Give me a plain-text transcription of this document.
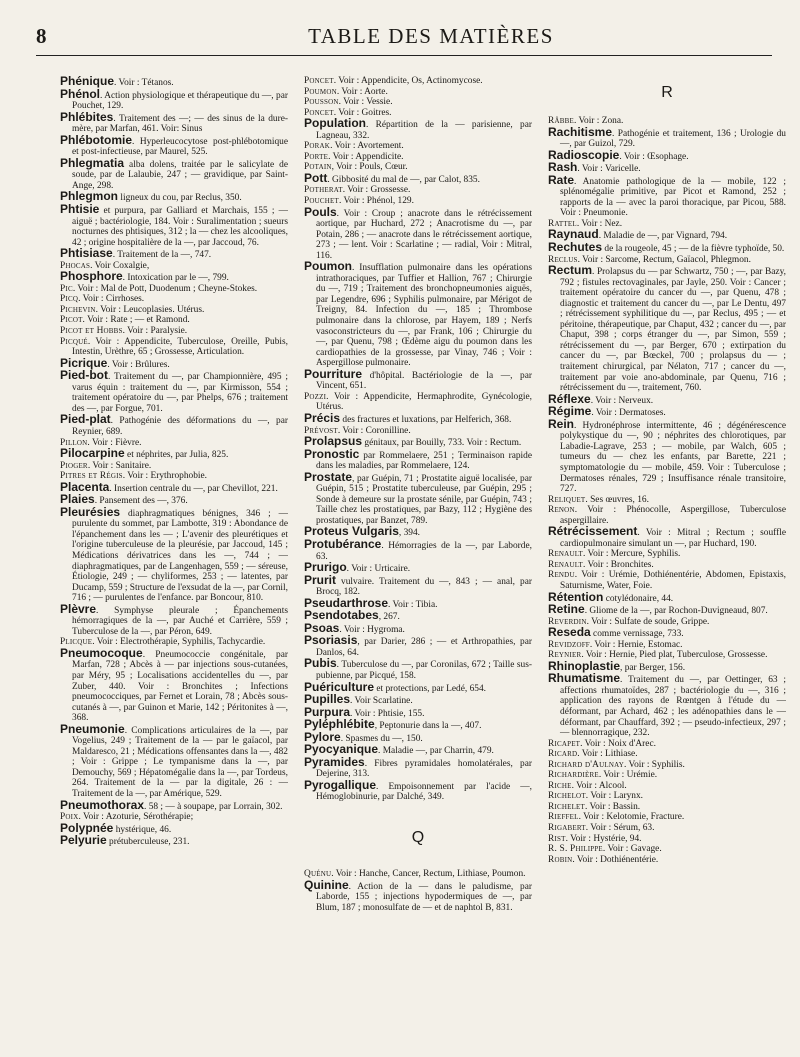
8	TABLE DES MATIÈRES
Phénique. Voir : Tétanos.
Phénol. Action physiologique et thérapeutique du —, par Pouchet, 129.
Phlébites. Traitement des —; — des sinus de la dure-mère, par Marfan, 461. Voir: Sinus
Phlébotomie. Hyperleucocytose post-phlébotomique et post-infectieuse, par Maurel, 525.
Phlegmatia alba dolens, traitée par le salicylate de soude, par de Lalaubie, 247 ; — gravidique, par Saint-Ange, 298.
Phlegmon ligneux du cou, par Reclus, 350.
Phtisie et purpura, par Galliard et Marchais, 155 ; — aiguë ; bactériologie, 184. Voir : Suralimentation ; sueurs nocturnes des phtisiques, 312 ; la — chez les alcooliques, 42 ; origine hospitalière de la —, par Jaccoud, 76.
Phtisiase. Traitement de la —, 747.
Phocas. Voir Coxalgie,
Phosphore. Intoxication par le —, 799.
Pic. Voir : Mal de Pott, Duodenum ; Cheyne-Stokes.
Picq. Voir : Cirrhoses.
Pichevin. Voir : Leucoplasies. Utérus.
Picot. Voir : Rate ; — et Ramond.
Picot et Hobbs. Voir : Paralysie.
Picqué. Voir : Appendicite, Tuberculose, Oreille, Pubis, Intestin, Urèthre, 65 ; Grossesse, Articulation.
Picrique. Voir : Brûlures.
Pied-bot. Traitement du —, par Championnière, 495 ; varus équin : traitement du —, par Kirmisson, 554 ; traitement opératoire du —, par Phelps, 676 ; traitement des —, par Forgue, 701.
Pied-plat. Pathogénie des déformations du —, par Reynier, 689.
Pillon. Voir : Fièvre.
Pilocarpine et néphrites, par Julia, 825.
Pioger. Voir : Sanitaire.
Pitres et Régis. Voir : Erythrophobie.
Placenta. Insertion centrale du —, par Chevillot, 221.
Plaies. Pansement des —, 376.
Pleurésies diaphragmatiques bénignes, 346 ; — purulente du sommet, par Lambotte, 319 : Abondance de l'épanchement dans les — ; L'avenir des pleurétiques et l'origine tuberculeuse de la pleurésie, par Jaccoud, 145 ; Médications dérivatrices dans les —, 744 ; — diaphragmatiques, par de Langenhagen, 559 ; — séreuse, Étiologie, 249 ; — chyliformes, 253 ; — latentes, par Ducamp, 559 ; Structure de l'exsudat de la —, par Cornil, 716 ; — purulentes de l'enfance. par Boncour, 810.
Plèvre. Symphyse pleurale ; Épanchements hémorragiques de la —, par Auché et Carrière, 559 ; Tuberculose de la —, par Péron, 649.
Plicque. Voir : Electrothérapie, Syphilis, Tachycardie.
Pneumocoque. Pneumococcie congénitale, par Marfan, 728 ; Abcès à — par injections sous-cutanées, par Méry, 95 ; Localisations accidentelles du —, par Zuber, 440. Voir : Bronchites ; Infections pneumococciques, par Fernet et Lorain, 78 ; Abcès sous-cutanés à —, par Guinon et Marie, 142 ; Péritonites à —, 368.
Pneumonie. Complications articulaires de la —, par Vogelius, 249 ; Traitement de la — par le gaïacol, par Maldaresco, 21 ; Médications offensantes dans la —, 482 ; Voir : Grippe ; Le tympanisme dans la —, par Demouchy, 569 ; Hépatomégalie dans la —, par Tordeus, 264. Traitement de la — par la digitale, 26 : — Traitement de la —, par Amérique, 529.
Pneumothorax. 58 ; — à soupape, par Lorrain, 302.
Poix. Voir : Azoturie, Sérothérapie;
Polypnée hystérique, 46.
Pelyurie prétuberculeuse, 231.
Poncet. Voir : Appendicite, Os, Actinomycose.
Poumon. Voir : Aorte.
Pousson. Voir : Vessie.
Poncet. Voir : Goitres.
Population. Répartition de la — parisienne, par Lagneau, 332.
Porak. Voir : Avortement.
Porte. Voir : Appendicite.
Potain, Voir : Pouls, Cœur.
Pott. Gibbosité du mal de —, par Calot, 835.
Potherat. Voir : Grossesse.
Pouchet. Voir : Phénol, 129.
Pouls. Voir : Croup ; anacrote dans le rétrécissement aortique, par Huchard, 272 ; Anacrotisme du —, par Potain, 286 ; — anacrote dans le rétrécissement aortique, 273 ; — lent. Voir : Scarlatine ; — radial, Voir : Mitral, 116.
Poumon. Insufflation pulmonaire dans les opérations intrathoraciques, par Tuffier et Hallion, 767 ; Chirurgie du —, 719 ; Traitement des bronchopneumonies aiguës, par Legendre, 696 ; Syphilis pulmonaire, par Mérigot de Treigny, 84. Infection du —, 185 ; Thrombose pulmonaire dans la chlorose, par Hayem, 189 ; Nerfs vasoconstricteurs du —, par Frank, 106 ; Chirurgie du —, par Quenu, 798 ; Œdème aigu du poumon dans les cardiopathies de la grossesse, par Vinay, 746 ; Voir : Aspergillose pulmonaire.
Pourriture d'hôpital. Bactériologie de la —, par Vincent, 651.
Pozzi. Voir : Appendicite, Hermaphrodite, Gynécologie, Utérus.
Précis des fractures et luxations, par Helferich, 368.
Prévost. Voir : Coronilline.
Prolapsus génitaux, par Bouilly, 733. Voir : Rectum.
Pronostic par Rommelaere, 251 ; Terminaison rapide dans les maladies, par Rommelaere, 124.
Prostate, par Guépin, 71 ; Prostatite aiguë localisée, par Guépin, 515 ; Prostatite tuberculeuse, par Guépin, 295 ; Sonde à demeure sur la prostate sénile, par Guépin, 743 ; Taille chez les prostatiques, par Bazy, 112 ; Hygiène des prostatiques, par Banzet, 789.
Proteus Vulgaris, 394.
Protubérance. Hémorragies de la —, par Laborde, 63.
Prurigo. Voir : Urticaire.
Prurit vulvaire. Traitement du —, 843 ; — anal, par Brocq, 182.
Pseudarthrose. Voir : Tibia.
Psendotabes, 267.
Psoas. Voir : Hygroma.
Psoriasis, par Darier, 286 ; — et Arthropathies, par Danlos, 64.
Pubis. Tuberculose du —, par Coronilas, 672 ; Taille sus-pubienne, par Picqué, 158.
Puériculture et protections, par Ledé, 654.
Pupilles. Voir Scarlatine.
Purpura. Voir : Phtisie, 155.
Pyléphlébite, Peptonurie dans la —, 407.
Pylore. Spasmes du —, 150.
Pyocyanique. Maladie —, par Charrin, 479.
Pyramides. Fibres pyramidales homolatérales, par Dejerine, 313.
Pyrogallique. Empoisonnement par l'acide —, Hémoglobinurie, par Dalché, 349.
Q
Quénu. Voir : Hanche, Cancer, Rectum, Lithiase, Poumon.
Quinine. Action de la — dans le paludisme, par Laborde, 155 ; injections hypodermiques de —, par Blum, 187 ; monosulfate de — et de naphtol B, 831.
R
Râbbe. Voir : Zona.
Rachitisme. Pathogénie et traitement, 136 ; Urologie du —, par Guizol, 729.
Radioscopie. Voir : Œsophage.
Rash. Voir : Varicelle.
Rate. Anatomie pathologique de la — mobile, 122 ; splénomégalie primitive, par Picot et Ramond, 252 ; rapports de la — avec la paroi thoracique, par Picou, 588. Voir : Pneumonie.
Rattel. Voir : Nez.
Raynaud. Maladie de —, par Vignard, 794.
Rechutes de la rougeole, 45 ; — de la fièvre typhoïde, 50.
Reclus. Voir : Sarcome, Rectum, Gaïacol, Phlegmon.
Rectum. Prolapsus du — par Schwartz, 750 ; —, par Bazy, 792 ; fistules rectovaginales, par Jayle, 250. Voir : Cancer ; traitement opératoire du cancer du —, par Quenu, 478 ; diagnostic et traitement du cancer du —, par Le Dentu, 497 ; rétrécissement syphilitique du —, par Reclus, 495 ; — et péritoine, thérapeutique, par Chaput, 432 ; cancer du —, par Chaput, 398 ; corps étranger du —, par Simon, 559 ; rétrécissement du —, par Berger, 670 ; extirpation du cancer du —, par Bœckel, 700 ; prolapsus du — ; traitement chirurgical, par Nélaton, 717 ; cancer du —, traitement par voie ano-abdominale, par Quenu, 716 ; rétrécissement du —, traitement, 760.
Réflexe. Voir : Nerveux.
Régime. Voir : Dermatoses.
Rein. Hydronéphrose intermittente, 46 ; dégénérescence polykystique du —, 90 ; néphrites des chlorotiques, par Labadie-Lagrave, 253 ; — mobile, par Walch, 605 ; tumeurs du — chez les enfants, par Barette, 221 ; symptomatologie du — mobile, 459. Voir : Tuberculose ; Dermatoses rénales, 729 ; Insuffisance rénale transitoire, 727.
Reliquet. Ses œuvres, 16.
Renon. Voir : Phénocolle, Aspergillose, Tuberculose aspergillaire.
Rétrécissement. Voir : Mitral ; Rectum ; souffle cardiopulmonaire simulant un —, par Huchard, 190.
Renault. Voir : Mercure, Syphilis.
Renault. Voir : Bronchites.
Rendu. Voir : Urémie, Dothiénentérie, Abdomen, Epistaxis, Saturnisme, Water, Foie.
Rétention cotylédonaire, 44.
Retine. Gliome de la —, par Rochon-Duvigneaud, 807.
Reverdin. Voir : Sulfate de soude, Grippe.
Reseda comme vernissage, 733.
Revidzoff. Voir : Hernie, Estomac.
Reynier. Voir : Hernie, Pied plat, Tuberculose, Grossesse.
Rhinoplastie, par Berger, 156.
Rhumatisme. Traitement du —, par Oettinger, 63 ; affections rhumatoïdes, 287 ; bactériologie du —, 316 ; application des rayons de Rœntgen à l'étude du — déformant, par Achard, 462 ; les adénopathies dans le — déformant, par Chauffard, 392 ; — pseudo-infectieux, 297 ; — blennorragique, 232.
Ricapet. Voir : Noix d'Arec.
Ricard. Voir : Lithiase.
Richard d'Aulnay. Voir : Syphilis.
Richardière. Voir : Urémie.
Riche. Voir : Alcool.
Richelot. Voir : Larynx.
Richelet. Voir : Bassin.
Rieffel. Voir : Kelotomie, Fracture.
Rigabert. Voir : Sérum, 63.
Rist. Voir : Hystérie, 94.
R. S. Philippe. Voir : Gavage.
Robin. Voir : Dothiénentérie.
